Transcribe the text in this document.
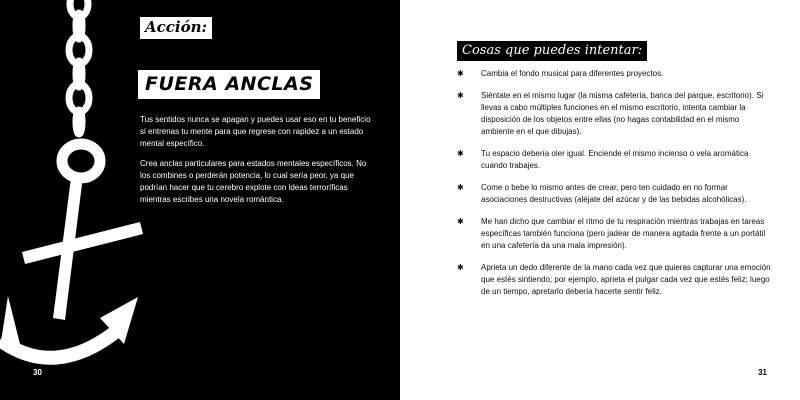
Acción:
FUERA ANCLAS

Tus sentidos nunca se apagan y puedes usar eso en tu beneficio si entrenas tu mente para que regrese con rapidez a un estado mental específico.

Crea anclas particulares para estados mentales específicos. No los combines o perderán potencia, lo cual sería peor, ya que podrían hacer que tu cerebro explote con ideas terroríficas mientras escribes una novela romántica.

30
Cosas que puedes intentar:
✱ Cambia el fondo musical para diferentes proyectos.
✱ Siéntate en el mismo lugar (la misma cafetería, banca del parque, escritorio). Si llevas a cabo múltiples funciones en el mismo escritorio, intenta cambiar la disposición de los objetos entre ellas (no hagas contabilidad en el mismo ambiente en el que dibujas).
✱ Tu espacio debería oler igual. Enciende el mismo incienso o vela aromática cuando trabajes.
✱ Come o bebe lo mismo antes de crear, pero ten cuidado en no formar asociaciones destructivas (aléjate del azúcar y de las bebidas alcohólicas).
✱ Me han dicho que cambiar el ritmo de tu respiración mientras trabajas en tareas específicas también funciona (pero jadear de manera agitada frente a un portátil en una cafetería da una mala impresión).
✱ Aprieta un dedo diferente de la mano cada vez que quieras capturar una emoción que estés sintiendo; por ejemplo, aprieta el pulgar cada vez que estés feliz; luego de un tiempo, apretarlo debería hacerte sentir feliz.
31
